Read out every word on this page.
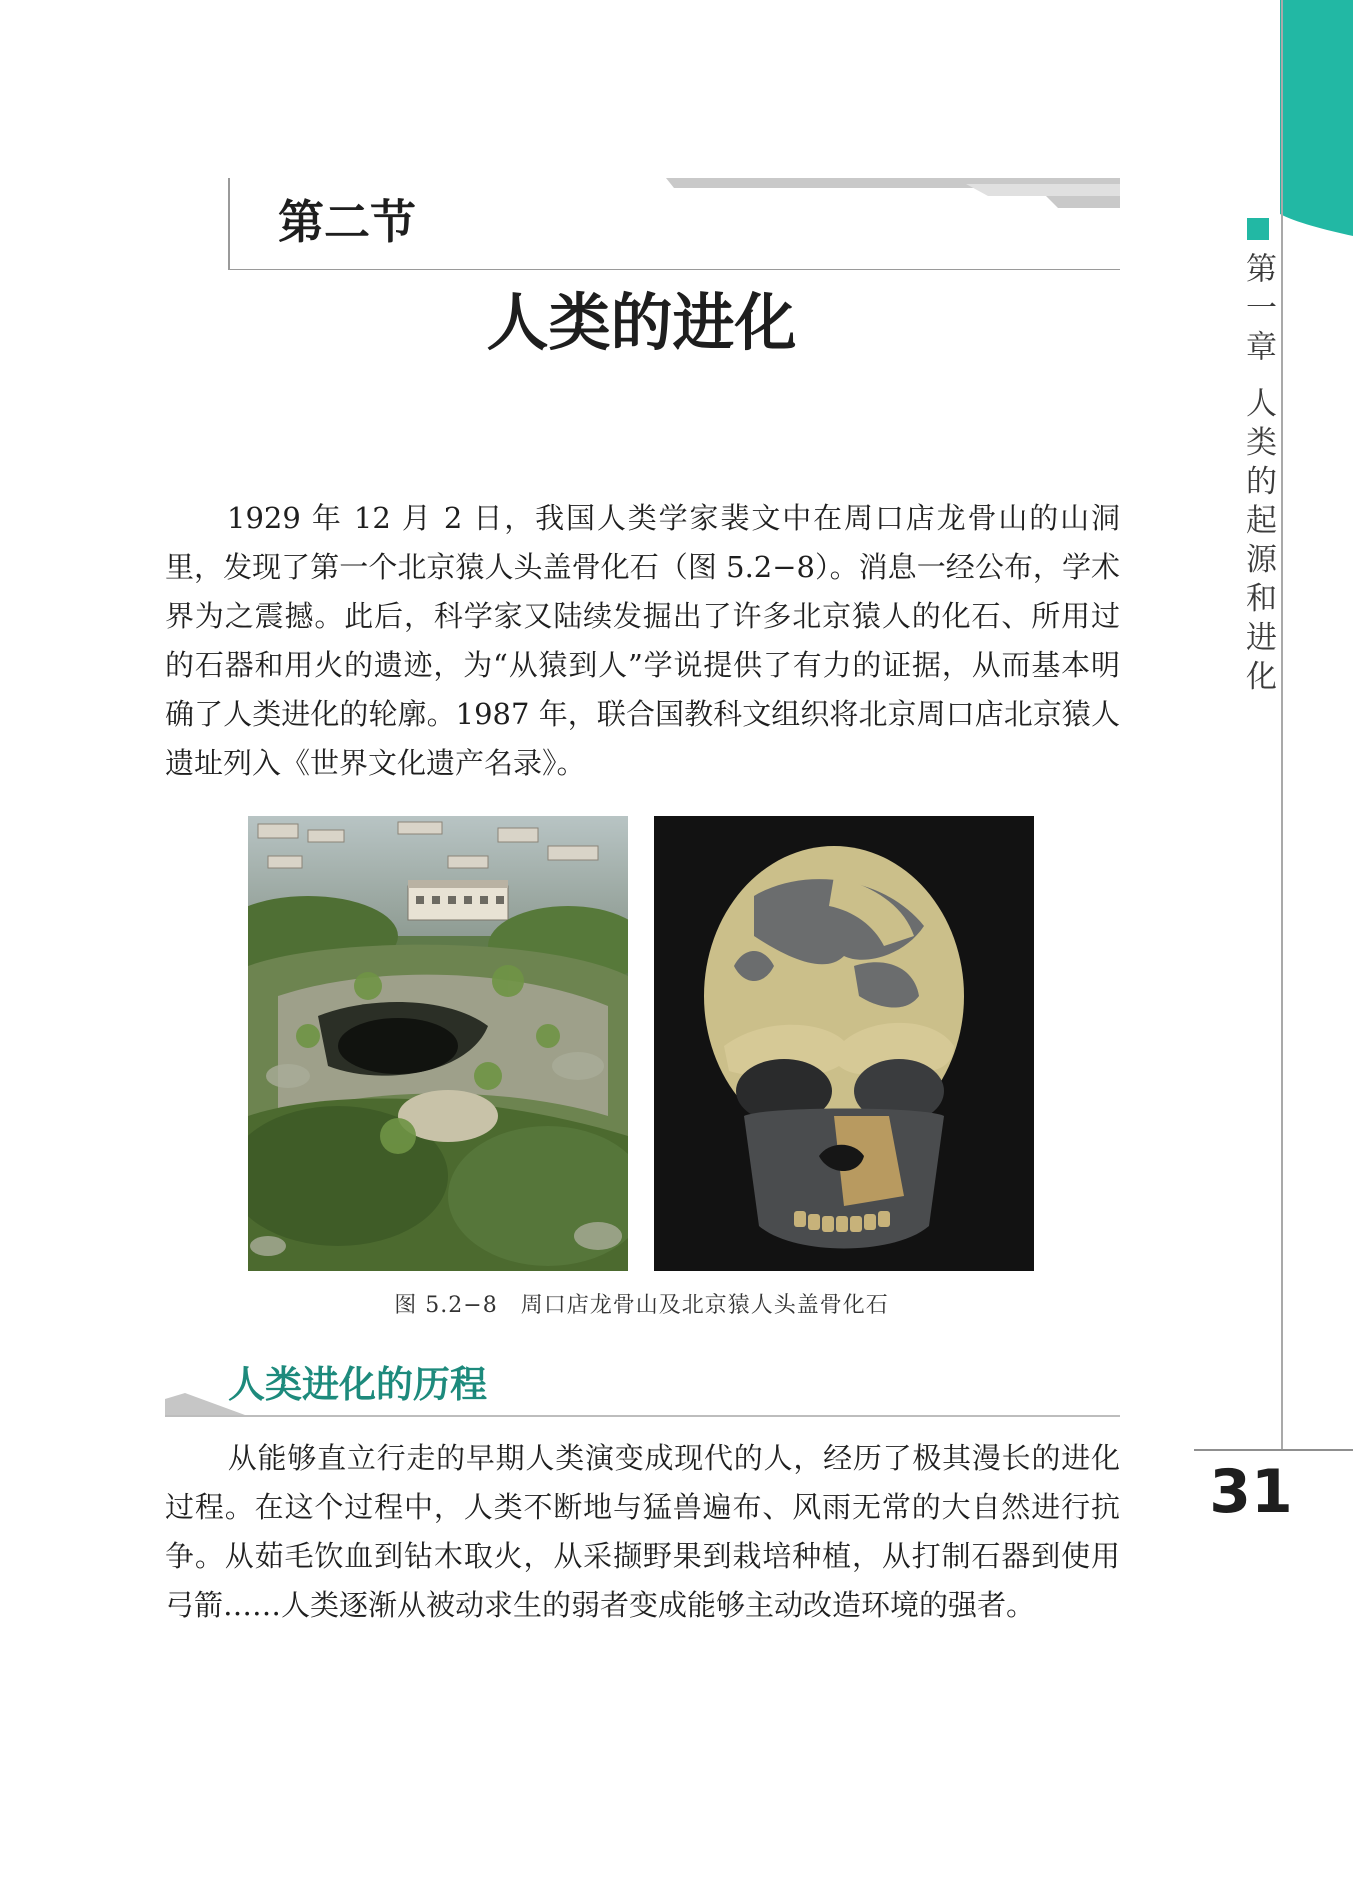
第一章 人类的起源和进化
第二节
人类的进化

1929 年 12 月 2 日，我国人类学家裴文中在周口店龙骨山的山洞里，发现了第一个北京猿人头盖骨化石（图 5.2−8）。消息一经公布，学术界为之震撼。此后，科学家又陆续发掘出了许多北京猿人的化石、所用过的石器和用火的遗迹，为“从猿到人”学说提供了有力的证据，从而基本明确了人类进化的轮廓。1987 年，联合国教科文组织将北京周口店北京猿人遗址列入《世界文化遗产名录》。

图 5.2−8　周口店龙骨山及北京猿人头盖骨化石
人类进化的历程

从能够直立行走的早期人类演变成现代的人，经历了极其漫长的进化过程。在这个过程中，人类不断地与猛兽遍布、风雨无常的大自然进行抗争。从茹毛饮血到钻木取火，从采撷野果到栽培种植，从打制石器到使用弓箭……人类逐渐从被动求生的弱者变成能够主动改造环境的强者。

31
